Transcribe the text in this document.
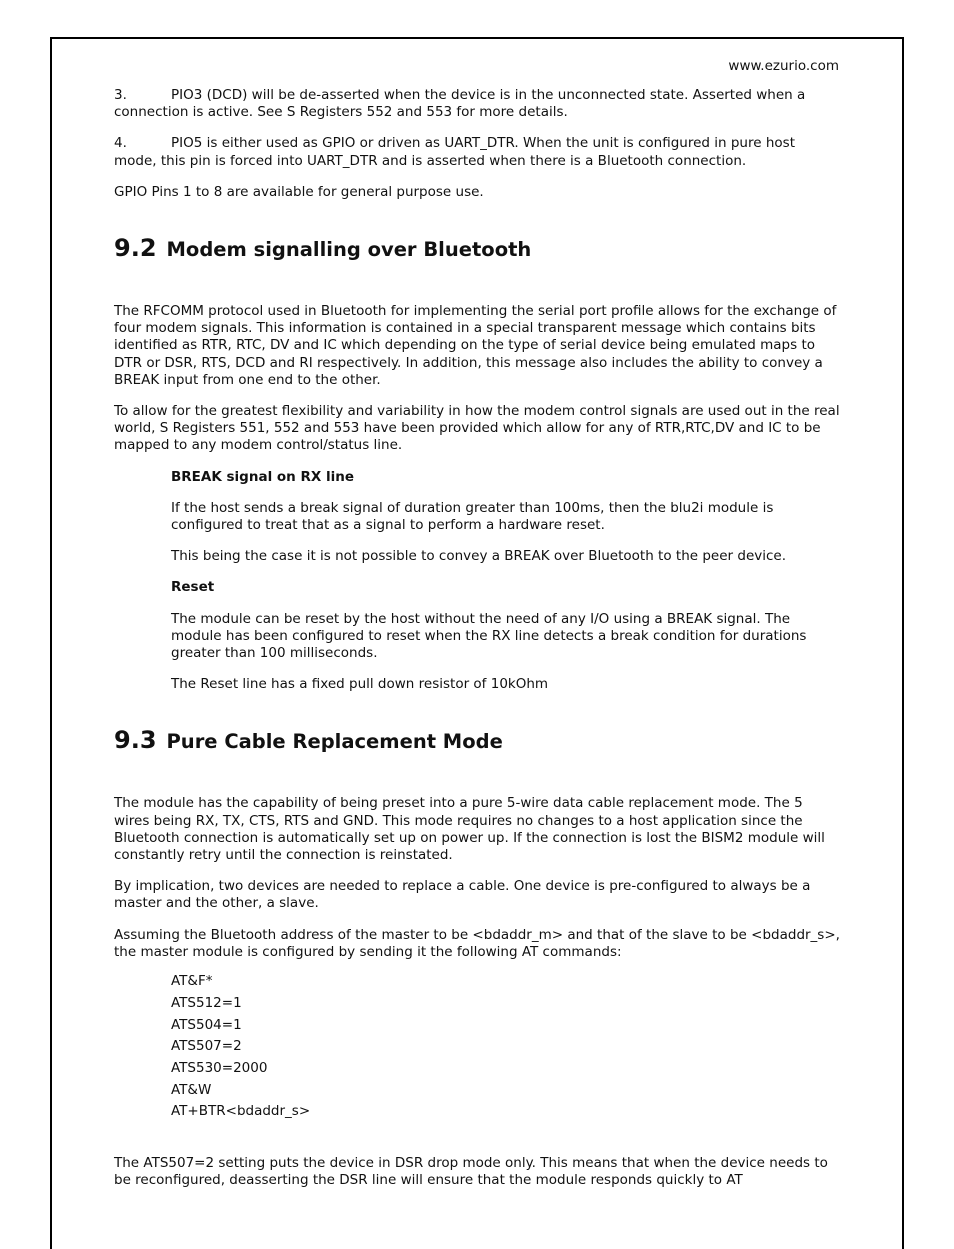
www.ezurio.com

3.	PIO3 (DCD) will be de-asserted when the device is in the unconnected state. Asserted when a connection is active. See S Registers 552 and 553 for more details.

4.	PIO5 is either used as GPIO or driven as UART_DTR. When the unit is configured in pure host mode, this pin is forced into UART_DTR and is asserted when there is a Bluetooth connection.

GPIO Pins 1 to 8 are available for general purpose use.

9.2 Modem signalling over Bluetooth

The RFCOMM protocol used in Bluetooth for implementing the serial port profile allows for the exchange of four modem signals. This information is contained in a special transparent message which contains bits identified as RTR, RTC, DV and IC which depending on the type of serial device being emulated maps to DTR or DSR, RTS, DCD and RI respectively. In addition, this message also includes the ability to convey a BREAK input from one end to the other.

To allow for the greatest flexibility and variability in how the modem control signals are used out in the real world, S Registers 551, 552 and 553 have been provided which allow for any of RTR,RTC,DV and IC to be mapped to any modem control/status line.

BREAK signal on RX line

If the host sends a break signal of duration greater than 100ms, then the blu2i module is configured to treat that as a signal to perform a hardware reset.

This being the case it is not possible to convey a BREAK over Bluetooth to the peer device.

Reset

The module can be reset by the host without the need of any I/O using a BREAK signal. The module has been configured to reset when the RX line detects a break condition for durations greater than 100 milliseconds.

The Reset line has a fixed pull down resistor of 10kOhm

9.3 Pure Cable Replacement Mode

The module has the capability of being preset into a pure 5-wire data cable replacement mode. The 5 wires being RX, TX, CTS, RTS and GND. This mode requires no changes to a host application since the Bluetooth connection is automatically set up on power up. If the connection is lost the BISM2 module will constantly retry until the connection is reinstated.

By implication, two devices are needed to replace a cable. One device is pre-configured to always be a master and the other, a slave.

Assuming the Bluetooth address of the master to be <bdaddr_m> and that of the slave to be <bdaddr_s>, the master module is configured by sending it the following AT commands:

AT&F*
ATS512=1
ATS504=1
ATS507=2
ATS530=2000
AT&W
AT+BTR<bdaddr_s>

The ATS507=2 setting puts the device in DSR drop mode only. This means that when the device needs to be reconfigured, deasserting the DSR line will ensure that the module responds quickly to AT
